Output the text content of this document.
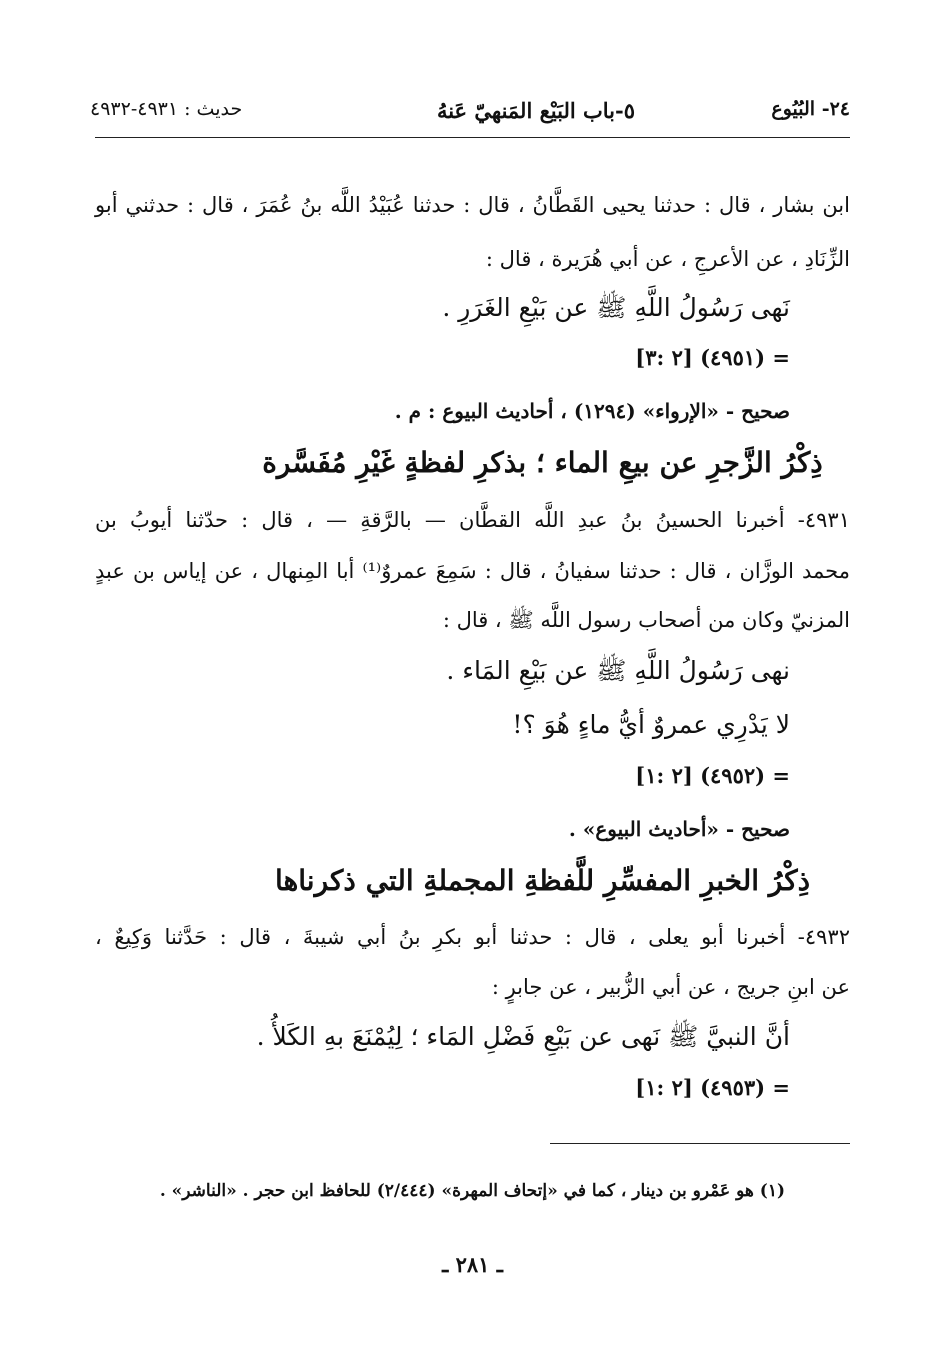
٢٤- البُيُوع
٥-باب البَيْع المَنهيّ عَنهُ
حديث : ٤٩٣١-٤٩٣٢
ابن بشار ، قال : حدثنا يحيى القَطَّانُ ، قال : حدثنا عُبَيْدُ اللَّه بنُ عُمَرَ ، قال : حدثني أبو
الزِّنَادِ ، عن الأعرجِ ، عن أبي هُرَيرة ، قال :
نَهى رَسُولُ اللَّهِ ﷺ عن بَيْعِ الغَرَرِ .
= (٤٩٥١) [٢ :٣]
صحيح - «الإرواء» (١٢٩٤) ، أحاديث البيوع : م .
ذِكْرُ الزَّجرِ عن بيعِ الماء ؛ بذكرِ لفظةٍ غَيْرِ مُفَسَّرة
٤٩٣١- أخبرنا الحسينُ بنُ عبدِ اللَّه القطَّان — بالرَّقةِ — ، قال : حدّثنا أيوبُ بن
محمد الوزَّان ، قال : حدثنا سفيانُ ، قال : سَمِعَ عمروٌ⁽¹⁾ أبا المِنهال ، عن إياس بن عبدٍ
المزنيّ وكان من أصحاب رسول اللَّه ﷺ ، قال :
نهى رَسُولُ اللَّهِ ﷺ عن بَيْعِ المَاء .
لا يَدْرِي عمروٌ أيُّ ماءٍ هُوَ ؟!
= (٤٩٥٢) [٢ :١]
صحيح - «أحاديث البيوع» .
ذِكْرُ الخبرِ المفسِّرِ للَّفظةِ المجملةِ التي ذكرناها
٤٩٣٢- أخبرنا أبو يعلى ، قال : حدثنا أبو بكرِ بنُ أبي شيبةَ ، قال : حَدَّثنا وَكِيعٌ ،
عن ابنِ جريج ، عن أبي الزُّبير ، عن جابرٍ :
أنَّ النبيَّ ﷺ نَهى عن بَيْعِ فَضْلِ المَاء ؛ لِيُمْنَعَ بهِ الكَلأُ .
= (٤٩٥٣) [٢ :١]
(١) هو عَمْرو بن دينار ، كما في «إتحاف المهرة» (٢/٤٤٤) للحافظ ابن حجر . «الناشر» .
ـ ٢٨١ ـ
